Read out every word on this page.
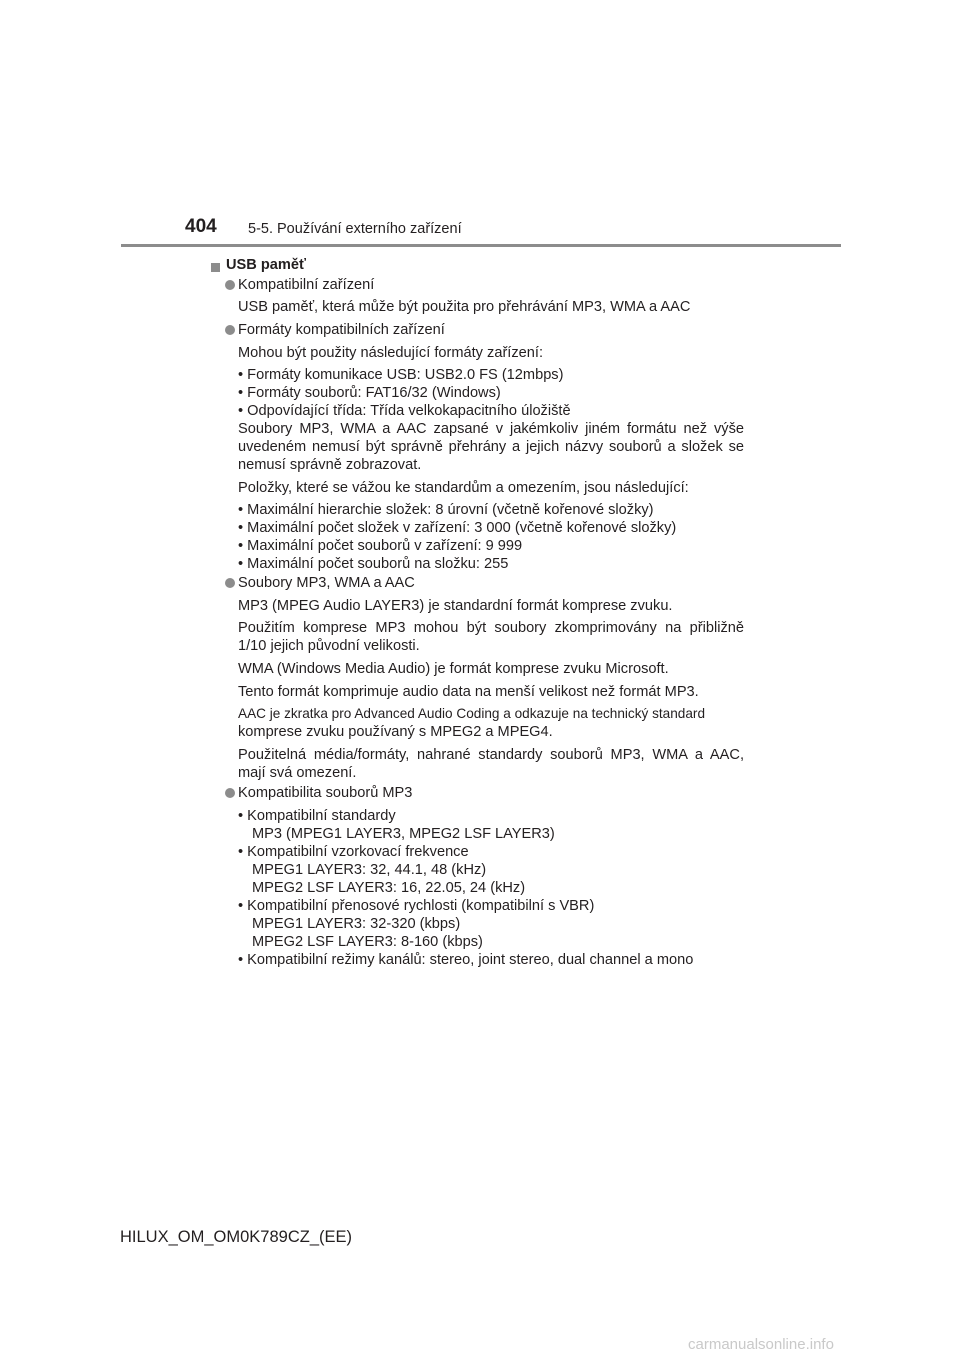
404 5-5. Používání externího zařízení
USB paměť
Kompatibilní zařízení
USB paměť, která může být použita pro přehrávání MP3, WMA a AAC
Formáty kompatibilních zařízení
Mohou být použity následující formáty zařízení:
• Formáty komunikace USB: USB2.0 FS (12mbps)
• Formáty souborů: FAT16/32 (Windows)
• Odpovídající třída: Třída velkokapacitního úložiště
Soubory MP3, WMA a AAC zapsané v jakémkoliv jiném formátu než výše
uvedeném nemusí být správně přehrány a jejich názvy souborů a složek se
nemusí správně zobrazovat.
Položky, které se vážou ke standardům a omezením, jsou následující:
• Maximální hierarchie složek: 8 úrovní (včetně kořenové složky)
• Maximální počet složek v zařízení: 3 000 (včetně kořenové složky)
• Maximální počet souborů v zařízení: 9 999
• Maximální počet souborů na složku: 255
Soubory MP3, WMA a AAC
MP3 (MPEG Audio LAYER3) je standardní formát komprese zvuku.
Použitím komprese MP3 mohou být soubory zkomprimovány na přibližně
1/10 jejich původní velikosti.
WMA (Windows Media Audio) je formát komprese zvuku Microsoft.
Tento formát komprimuje audio data na menší velikost než formát MP3.
AAC je zkratka pro Advanced Audio Coding a odkazuje na technický standard
komprese zvuku používaný s MPEG2 a MPEG4.
Použitelná média/formáty, nahrané standardy souborů MP3, WMA a AAC,
mají svá omezení.
Kompatibilita souborů MP3
• Kompatibilní standardy
MP3 (MPEG1 LAYER3, MPEG2 LSF LAYER3)
• Kompatibilní vzorkovací frekvence
MPEG1 LAYER3: 32, 44.1, 48 (kHz)
MPEG2 LSF LAYER3: 16, 22.05, 24 (kHz)
• Kompatibilní přenosové rychlosti (kompatibilní s VBR)
MPEG1 LAYER3: 32-320 (kbps)
MPEG2 LSF LAYER3: 8-160 (kbps)
• Kompatibilní režimy kanálů: stereo, joint stereo, dual channel a mono
HILUX_OM_OM0K789CZ_(EE)
carmanualsonline.info
